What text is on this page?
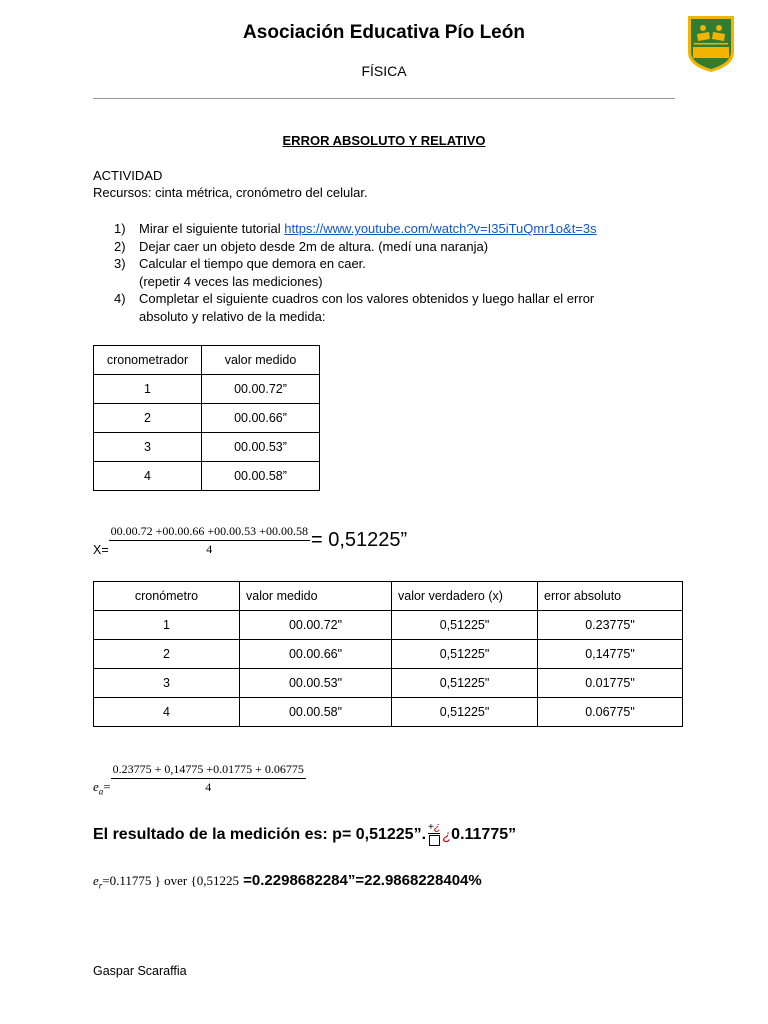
Asociación Educativa Pío León
FÍSICA
ERROR ABSOLUTO Y RELATIVO
ACTIVIDAD
Recursos: cinta métrica, cronómetro del celular.
1)	Mirar el siguiente tutorial https://www.youtube.com/watch?v=I35iTuQmr1o&t=3s
2)	Dejar caer un objeto desde 2m de altura. (medí una naranja)
3)	Calcular el tiempo que demora en caer.
(repetir 4 veces las mediciones)
4)	Completar el siguiente cuadros con los valores obtenidos y luego hallar el error
absoluto y relativo de la medida:
cronometrador	valor medido
1	00.00.72”
2	00.00.66”
3	00.00.53”
4	00.00.58”
$X= \frac{00.00.72 +00.00.66 +00.00.53 +00.00.58}{4} = 0,51225$”
cronómetro	valor medido	valor verdadero (x)	error absoluto
1	00.00.72"	0,51225"	0.23775"
2	00.00.66"	0,51225"	0,14775"
3	00.00.53"	0,51225"	0.01775"
4	00.00.58"	0,51225"	0.06775"
$e_a= \frac{0.23775 + 0,14775 +0.01775 + 0.06775}{4}$
El resultado de la medición es: p= 0,51225”. +¿ ¿ 0.11775”
$e_r =0.11775$ } over {0,51225 =0.2298682284”=22.9868228404%
Gaspar Scaraffia
